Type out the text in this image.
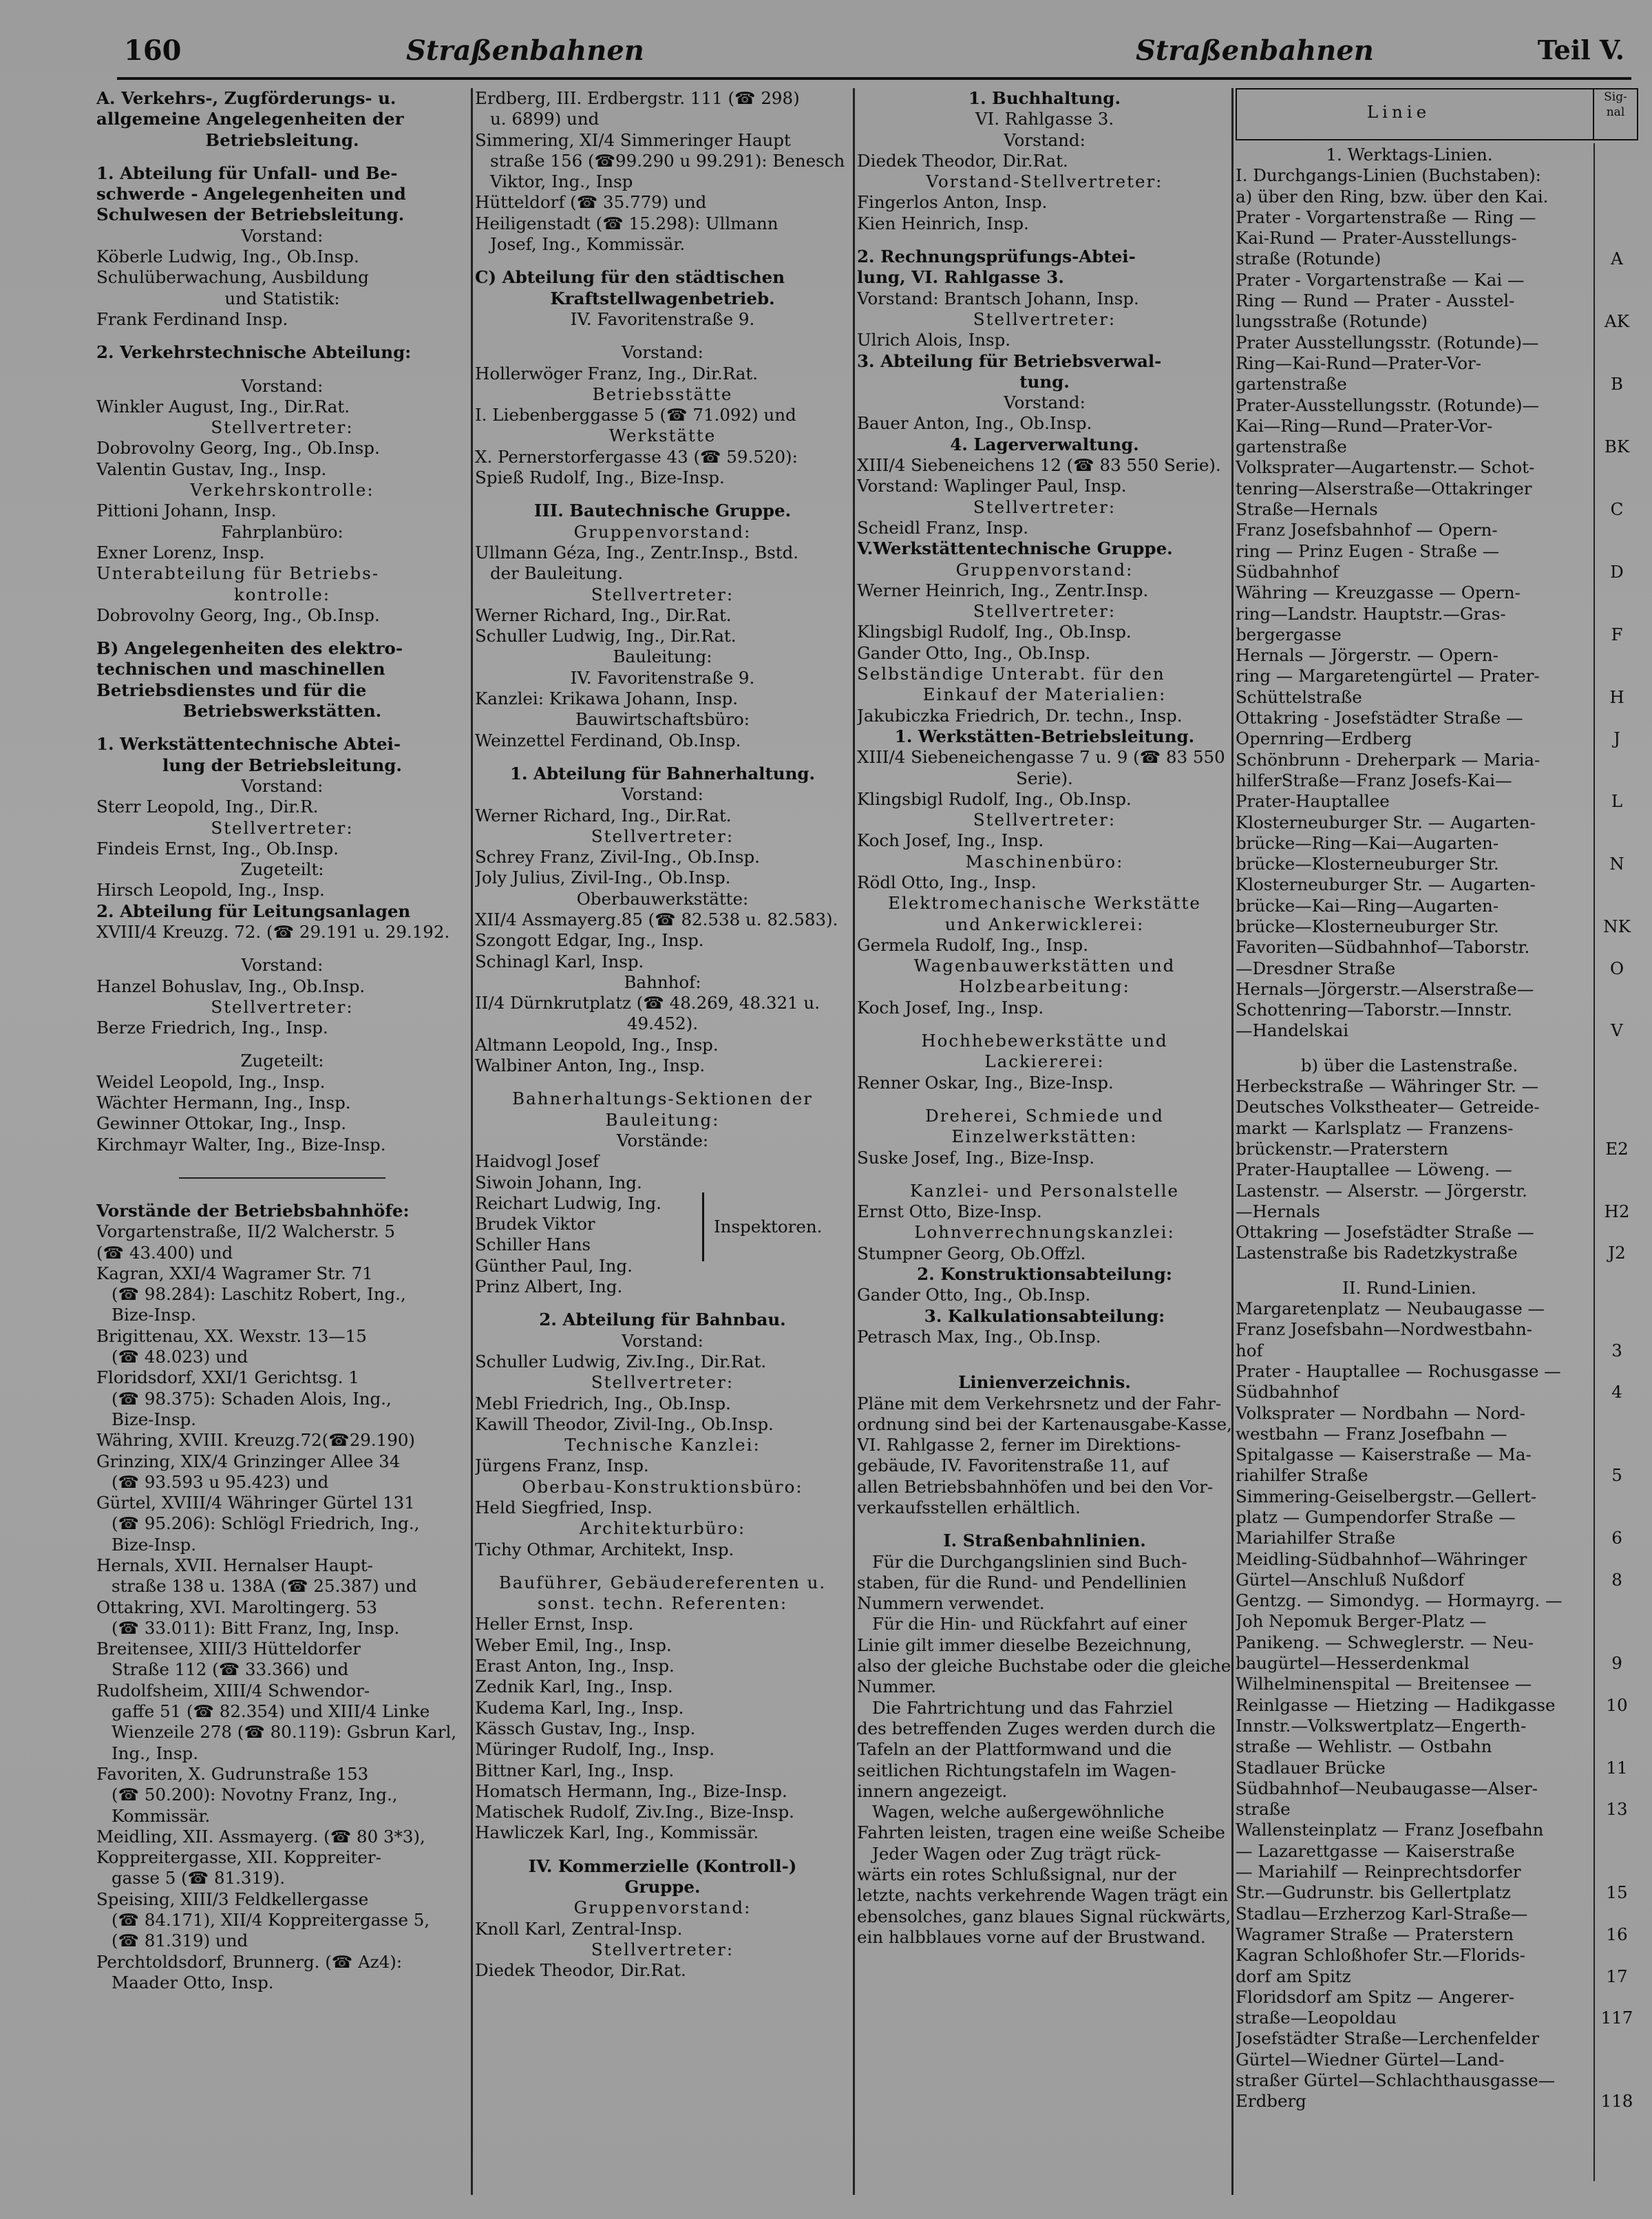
160	Straßenbahnen	Straßenbahnen	Teil V.
A. Verkehrs-, Zugförderungs- u.
allgemeine Angelegenheiten der
Betriebsleitung.
1. Abteilung für Unfall- und Be-
schwerde - Angelegenheiten und
Schulwesen der Betriebsleitung.
Vorstand:
Köberle Ludwig, Ing., Ob.Insp.
Schulüberwachung, Ausbildung
und Statistik:
Frank Ferdinand Insp.
2. Verkehrstechnische Abteilung:
Vorstand:
Winkler August, Ing., Dir.Rat.
Stellvertreter:
Dobrovolny Georg, Ing., Ob.Insp.
Valentin Gustav, Ing., Insp.
Verkehrskontrolle:
Pittioni Johann, Insp.
Fahrplanbüro:
Exner Lorenz, Insp.
Unterabteilung für Betriebs-
kontrolle:
Dobrovolny Georg, Ing., Ob.Insp.
B) Angelegenheiten des elektro-
technischen und maschinellen
Betriebsdienstes und für die
Betriebswerkstätten.
1. Werkstättentechnische Abtei-
lung der Betriebsleitung.
Vorstand:
Sterr Leopold, Ing., Dir.R.
Stellvertreter:
Findeis Ernst, Ing., Ob.Insp.
Zugeteilt:
Hirsch Leopold, Ing., Insp.
2. Abteilung für Leitungsanlagen
XVIII/4 Kreuzg. 72. (☎ 29.191 u. 29.192.
Vorstand:
Hanzel Bohuslav, Ing., Ob.Insp.
Stellvertreter:
Berze Friedrich, Ing., Insp.
Zugeteilt:
Weidel Leopold, Ing., Insp.
Wächter Hermann, Ing., Insp.
Gewinner Ottokar, Ing., Insp.
Kirchmayr Walter, Ing., Bize-Insp.
Vorstände der Betriebsbahnhöfe:
Vorgartenstraße, II/2 Walcherstr. 5
(☎ 43.400) und
Kagran, XXI/4 Wagramer Str. 71
(☎ 98.284): Laschitz Robert, Ing.,
Bize-Insp.
Brigittenau, XX. Wexstr. 13—15
(☎ 48.023) und
Floridsdorf, XXI/1 Gerichtsg. 1
(☎ 98.375): Schaden Alois, Ing.,
Bize-Insp.
Währing, XVIII. Kreuzg.72(☎29.190)
Grinzing, XIX/4 Grinzinger Allee 34
(☎ 93.593 u 95.423) und
Gürtel, XVIII/4 Währinger Gürtel 131
(☎ 95.206): Schlögl Friedrich, Ing.,
Bize-Insp.
Hernals, XVII. Hernalser Haupt-
straße 138 u. 138A (☎ 25.387) und
Ottakring, XVI. Maroltingerg. 53
(☎ 33.011): Bitt Franz, Ing, Insp.
Breitensee, XIII/3 Hütteldorfer
Straße 112 (☎ 33.366) und
Rudolfsheim, XIII/4 Schwendor-
gaffe 51 (☎ 82.354) und XIII/4 Linke
Wienzeile 278 (☎ 80.119): Gsbrun Karl,
Ing., Insp.
Favoriten, X. Gudrunstraße 153
(☎ 50.200): Novotny Franz, Ing.,
Kommissär.
Meidling, XII. Assmayerg. (☎ 80 3*3),
Koppreitergasse, XII. Koppreiter-
gasse 5 (☎ 81.319).
Speising, XIII/3 Feldkellergasse
(☎ 84.171), XII/4 Koppreitergasse 5,
(☎ 81.319) und
Perchtoldsdorf, Brunnerg. (☎ Az4):
Maader Otto, Insp.
Erdberg, III. Erdbergstr. 111 (☎ 298)
u. 6899) und
Simmering, XI/4 Simmeringer Haupt
straße 156 (☎99.290 u 99.291): Benesch
Viktor, Ing., Insp
Hütteldorf (☎ 35.779) und
Heiligenstadt (☎ 15.298): Ullmann
Josef, Ing., Kommissär.
C) Abteilung für den städtischen
Kraftstellwagenbetrieb.
IV. Favoritenstraße 9.
Vorstand:
Hollerwöger Franz, Ing., Dir.Rat.
Betriebsstätte
I. Liebenberggasse 5 (☎ 71.092) und
Werkstätte
X. Pernerstorfergasse 43 (☎ 59.520):
Spieß Rudolf, Ing., Bize-Insp.
III. Bautechnische Gruppe.
Gruppenvorstand:
Ullmann Géza, Ing., Zentr.Insp., Bstd.
der Bauleitung.
Stellvertreter:
Werner Richard, Ing., Dir.Rat.
Schuller Ludwig, Ing., Dir.Rat.
Bauleitung:
IV. Favoritenstraße 9.
Kanzlei: Krikawa Johann, Insp.
Bauwirtschaftsbüro:
Weinzettel Ferdinand, Ob.Insp.
1. Abteilung für Bahnerhaltung.
Vorstand:
Werner Richard, Ing., Dir.Rat.
Stellvertreter:
Schrey Franz, Zivil-Ing., Ob.Insp.
Joly Julius, Zivil-Ing., Ob.Insp.
Oberbauwerkstätte:
XII/4 Assmayerg.85 (☎ 82.538 u. 82.583).
Szongott Edgar, Ing., Insp.
Schinagl Karl, Insp.
Bahnhof:
II/4 Dürnkrutplatz (☎ 48.269, 48.321 u.
49.452).
Altmann Leopold, Ing., Insp.
Walbiner Anton, Ing., Insp.
Bahnerhaltungs-Sektionen der
Bauleitung:
Vorstände:
Haidvogl Josef
Siwoin Johann, Ing.
Reichart Ludwig, Ing.
Brudek Viktor
Schiller Hans
Günther Paul, Ing.
Prinz Albert, Ing.
Inspektoren.
2. Abteilung für Bahnbau.
Vorstand:
Schuller Ludwig, Ziv.Ing., Dir.Rat.
Stellvertreter:
Mebl Friedrich, Ing., Ob.Insp.
Kawill Theodor, Zivil-Ing., Ob.Insp.
Technische Kanzlei:
Jürgens Franz, Insp.
Oberbau-Konstruktionsbüro:
Held Siegfried, Insp.
Architekturbüro:
Tichy Othmar, Architekt, Insp.
Bauführer, Gebäudereferenten u.
sonst. techn. Referenten:
Heller Ernst, Insp.
Weber Emil, Ing., Insp.
Erast Anton, Ing., Insp.
Zednik Karl, Ing., Insp.
Kudema Karl, Ing., Insp.
Kässch Gustav, Ing., Insp.
Müringer Rudolf, Ing., Insp.
Bittner Karl, Ing., Insp.
Homatsch Hermann, Ing., Bize-Insp.
Matischek Rudolf, Ziv.Ing., Bize-Insp.
Hawliczek Karl, Ing., Kommissär.
IV. Kommerzielle (Kontroll-)
Gruppe.
Gruppenvorstand:
Knoll Karl, Zentral-Insp.
Stellvertreter:
Diedek Theodor, Dir.Rat.
1. Buchhaltung.
VI. Rahlgasse 3.
Vorstand:
Diedek Theodor, Dir.Rat.
Vorstand-Stellvertreter:
Fingerlos Anton, Insp.
Kien Heinrich, Insp.
2. Rechnungsprüfungs-Abtei-
lung, VI. Rahlgasse 3.
Vorstand: Brantsch Johann, Insp.
Stellvertreter:
Ulrich Alois, Insp.
3. Abteilung für Betriebsverwal-
tung.
Vorstand:
Bauer Anton, Ing., Ob.Insp.
4. Lagerverwaltung.
XIII/4 Siebeneichens 12 (☎ 83 550 Serie).
Vorstand: Waplinger Paul, Insp.
Stellvertreter:
Scheidl Franz, Insp.
V.Werkstättentechnische Gruppe.
Gruppenvorstand:
Werner Heinrich, Ing., Zentr.Insp.
Stellvertreter:
Klingsbigl Rudolf, Ing., Ob.Insp.
Gander Otto, Ing., Ob.Insp.
Selbständige Unterabt. für den
Einkauf der Materialien:
Jakubiczka Friedrich, Dr. techn., Insp.
1. Werkstätten-Betriebsleitung.
XIII/4 Siebeneichengasse 7 u. 9 (☎ 83 550
Serie).
Klingsbigl Rudolf, Ing., Ob.Insp.
Stellvertreter:
Koch Josef, Ing., Insp.
Maschinenbüro:
Rödl Otto, Ing., Insp.
Elektromechanische Werkstätte
und Ankerwicklerei:
Germela Rudolf, Ing., Insp.
Wagenbauwerkstätten und
Holzbearbeitung:
Koch Josef, Ing., Insp.
Hochhebewerkstätte und
Lackiererei:
Renner Oskar, Ing., Bize-Insp.
Dreherei, Schmiede und
Einzelwerkstätten:
Suske Josef, Ing., Bize-Insp.
Kanzlei- und Personalstelle
Ernst Otto, Bize-Insp.
Lohnverrechnungskanzlei:
Stumpner Georg, Ob.Offzl.
2. Konstruktionsabteilung:
Gander Otto, Ing., Ob.Insp.
3. Kalkulationsabteilung:
Petrasch Max, Ing., Ob.Insp.
Linienverzeichnis.
Pläne mit dem Verkehrsnetz und der Fahr-
ordnung sind bei der Kartenausgabe-Kasse,
VI. Rahlgasse 2, ferner im Direktions-
gebäude, IV. Favoritenstraße 11, auf
allen Betriebsbahnhöfen und bei den Vor-
verkaufsstellen erhältlich.
I. Straßenbahnlinien.
Für die Durchgangslinien sind Buch-
staben, für die Rund- und Pendellinien
Nummern verwendet.
Für die Hin- und Rückfahrt auf einer
Linie gilt immer dieselbe Bezeichnung,
also der gleiche Buchstabe oder die gleiche
Nummer.
Die Fahrtrichtung und das Fahrziel
des betreffenden Zuges werden durch die
Tafeln an der Plattformwand und die
seitlichen Richtungstafeln im Wagen-
innern angezeigt.
Wagen, welche außergewöhnliche
Fahrten leisten, tragen eine weiße Scheibe
Jeder Wagen oder Zug trägt rück-
wärts ein rotes Schlußsignal, nur der
letzte, nachts verkehrende Wagen trägt ein
ebensolches, ganz blaues Signal rückwärts,
ein halbblaues vorne auf der Brustwand.
Linie
Sig-
nal
1. Werktags-Linien.
I. Durchgangs-Linien (Buchstaben):
a) über den Ring, bzw. über den Kai.
Prater - Vorgartenstraße — Ring —
Kai-Rund — Prater-Ausstellungs-
straße (Rotunde)	A
Prater - Vorgartenstraße — Kai —
Ring — Rund — Prater - Ausstel-
lungsstraße (Rotunde)	AK
Prater Ausstellungsstr. (Rotunde)—
Ring—Kai-Rund—Prater-Vor-
gartenstraße	B
Prater-Ausstellungsstr. (Rotunde)—
Kai—Ring—Rund—Prater-Vor-
gartenstraße	BK
Volksprater—Augartenstr.— Schot-
tenring—Alserstraße—Ottakringer
Straße—Hernals	C
Franz Josefsbahnhof — Opern-
ring — Prinz Eugen - Straße —
Südbahnhof	D
Währing — Kreuzgasse — Opern-
ring—Landstr. Hauptstr.—Gras-
bergergasse	F
Hernals — Jörgerstr. — Opern-
ring — Margaretengürtel — Prater-
Schüttelstraße	H
Ottakring - Josefstädter Straße —
Opernring—Erdberg	J
Schönbrunn - Dreherpark — Maria-
hilferStraße—Franz Josefs-Kai—
Prater-Hauptallee	L
Klosterneuburger Str. — Augarten-
brücke—Ring—Kai—Augarten-
brücke—Klosterneuburger Str.	N
Klosterneuburger Str. — Augarten-
brücke—Kai—Ring—Augarten-
brücke—Klosterneuburger Str.	NK
Favoriten—Südbahnhof—Taborstr.
—Dresdner Straße	O
Hernals—Jörgerstr.—Alserstraße—
Schottenring—Taborstr.—Innstr.
—Handelskai	V
b) über die Lastenstraße.
Herbeckstraße — Währinger Str. —
Deutsches Volkstheater— Getreide-
markt — Karlsplatz — Franzens-
brückenstr.—Praterstern	E2
Prater-Hauptallee — Löweng. —
Lastenstr. — Alserstr. — Jörgerstr.
—Hernals	H2
Ottakring — Josefstädter Straße —
Lastenstraße bis Radetzkystraße	J2
II. Rund-Linien.
Margaretenplatz — Neubaugasse —
Franz Josefsbahn—Nordwestbahn-
hof	3
Prater - Hauptallee — Rochusgasse —
Südbahnhof	4
Volksprater — Nordbahn — Nord-
westbahn — Franz Josefbahn —
Spitalgasse — Kaiserstraße — Ma-
riahilfer Straße	5
Simmering-Geiselbergstr.—Gellert-
platz — Gumpendorfer Straße —
Mariahilfer Straße	6
Meidling-Südbahnhof—Währinger
Gürtel—Anschluß Nußdorf	8
Gentzg. — Simondyg. — Hormayrg. —
Joh Nepomuk Berger-Platz —
Panikeng. — Schweglerstr. — Neu-
baugürtel—Hesserdenkmal	9
Wilhelminenspital — Breitensee —
Reinlgasse — Hietzing — Hadikgasse	10
Innstr.—Volkswertplatz—Engerth-
straße — Wehlistr. — Ostbahn
Stadlauer Brücke	11
Südbahnhof—Neubaugasse—Alser-
straße	13
Wallensteinplatz — Franz Josefbahn
— Lazarettgasse — Kaiserstraße
— Mariahilf — Reinprechtsdorfer
Str.—Gudrunstr. bis Gellertplatz	15
Stadlau—Erzherzog Karl-Straße—
Wagramer Straße — Praterstern	16
Kagran Schloßhofer Str.—Florids-
dorf am Spitz	17
Floridsdorf am Spitz — Angerer-
straße—Leopoldau	117
Josefstädter Straße—Lerchenfelder
Gürtel—Wiedner Gürtel—Land-
straßer Gürtel—Schlachthausgasse—
Erdberg	118
